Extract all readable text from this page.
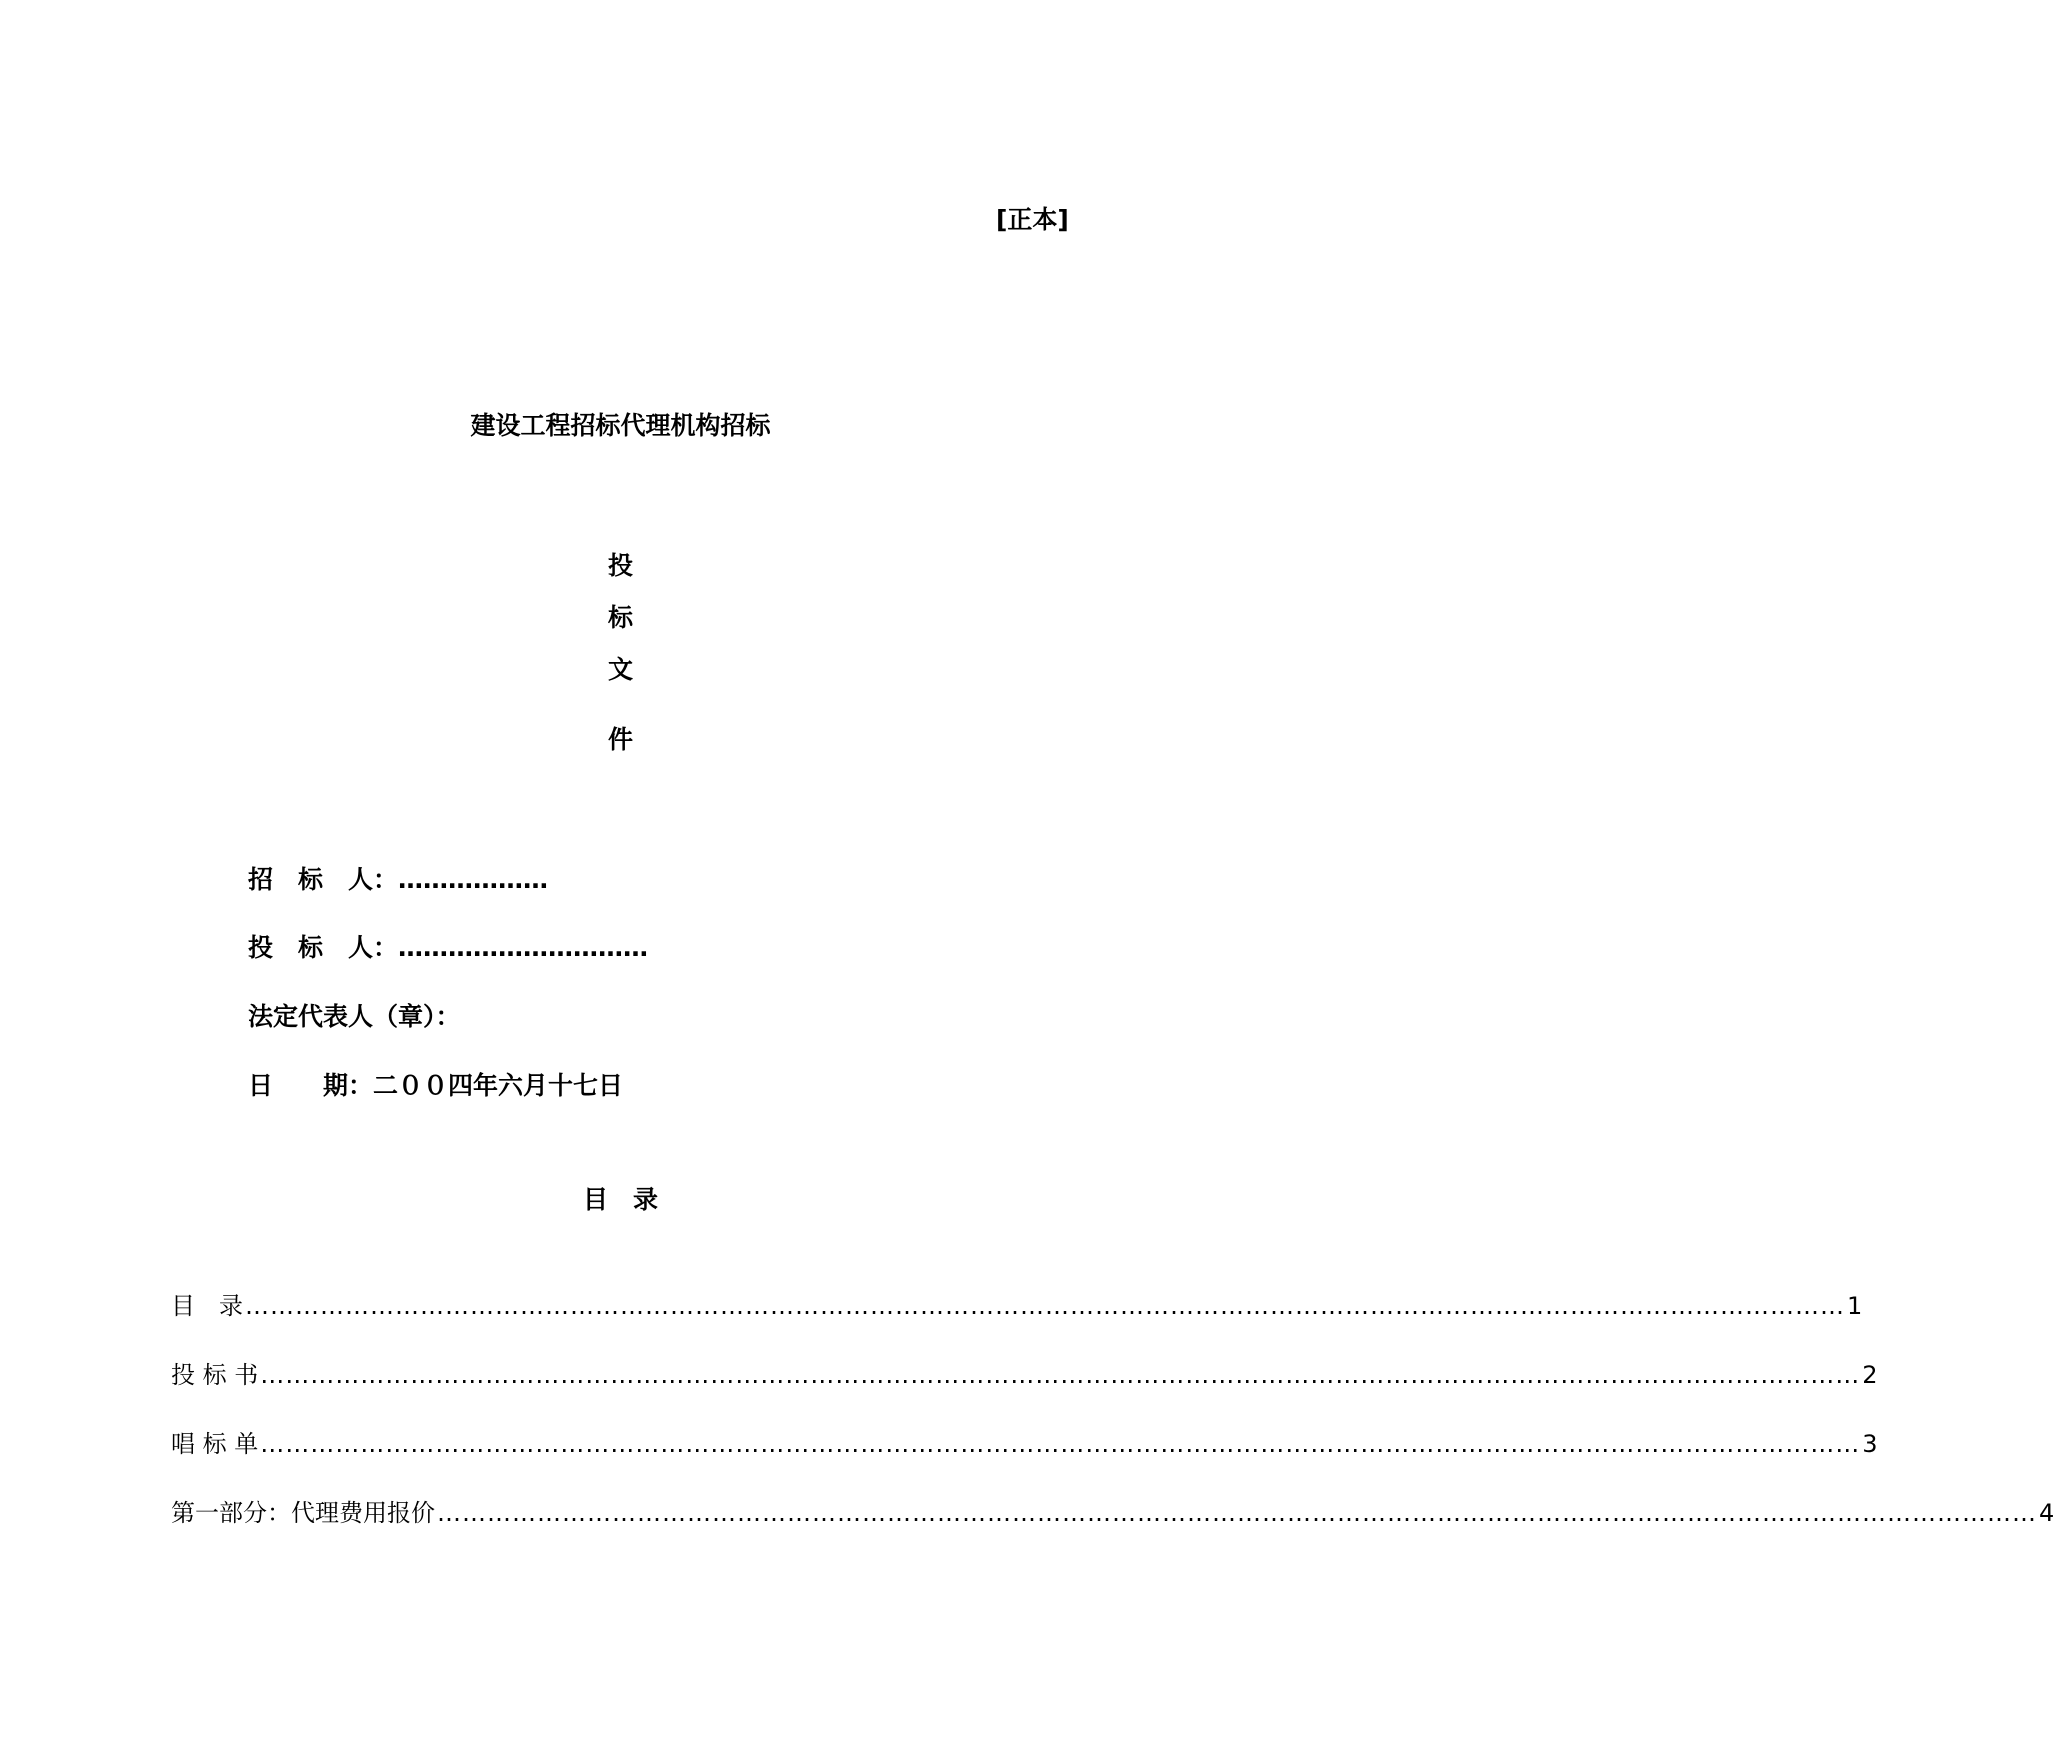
[正本]
建设工程招标代理机构招标
投
标
文
件
招　标　人：………………
投　标　人：…………………………
法定代表人（章）：
日　　期：二００四年六月十七日
目　录
目　录 ………………………………………………………………………………………………………………………………………………………………………… 1
投 标 书 ………………………………………………………………………………………………………………………………………………………………………… 2
唱 标 单 ………………………………………………………………………………………………………………………………………………………………………… 3
第一部分：代理费用报价 ………………………………………………………………………………………………………………………………………………………………………… 4
